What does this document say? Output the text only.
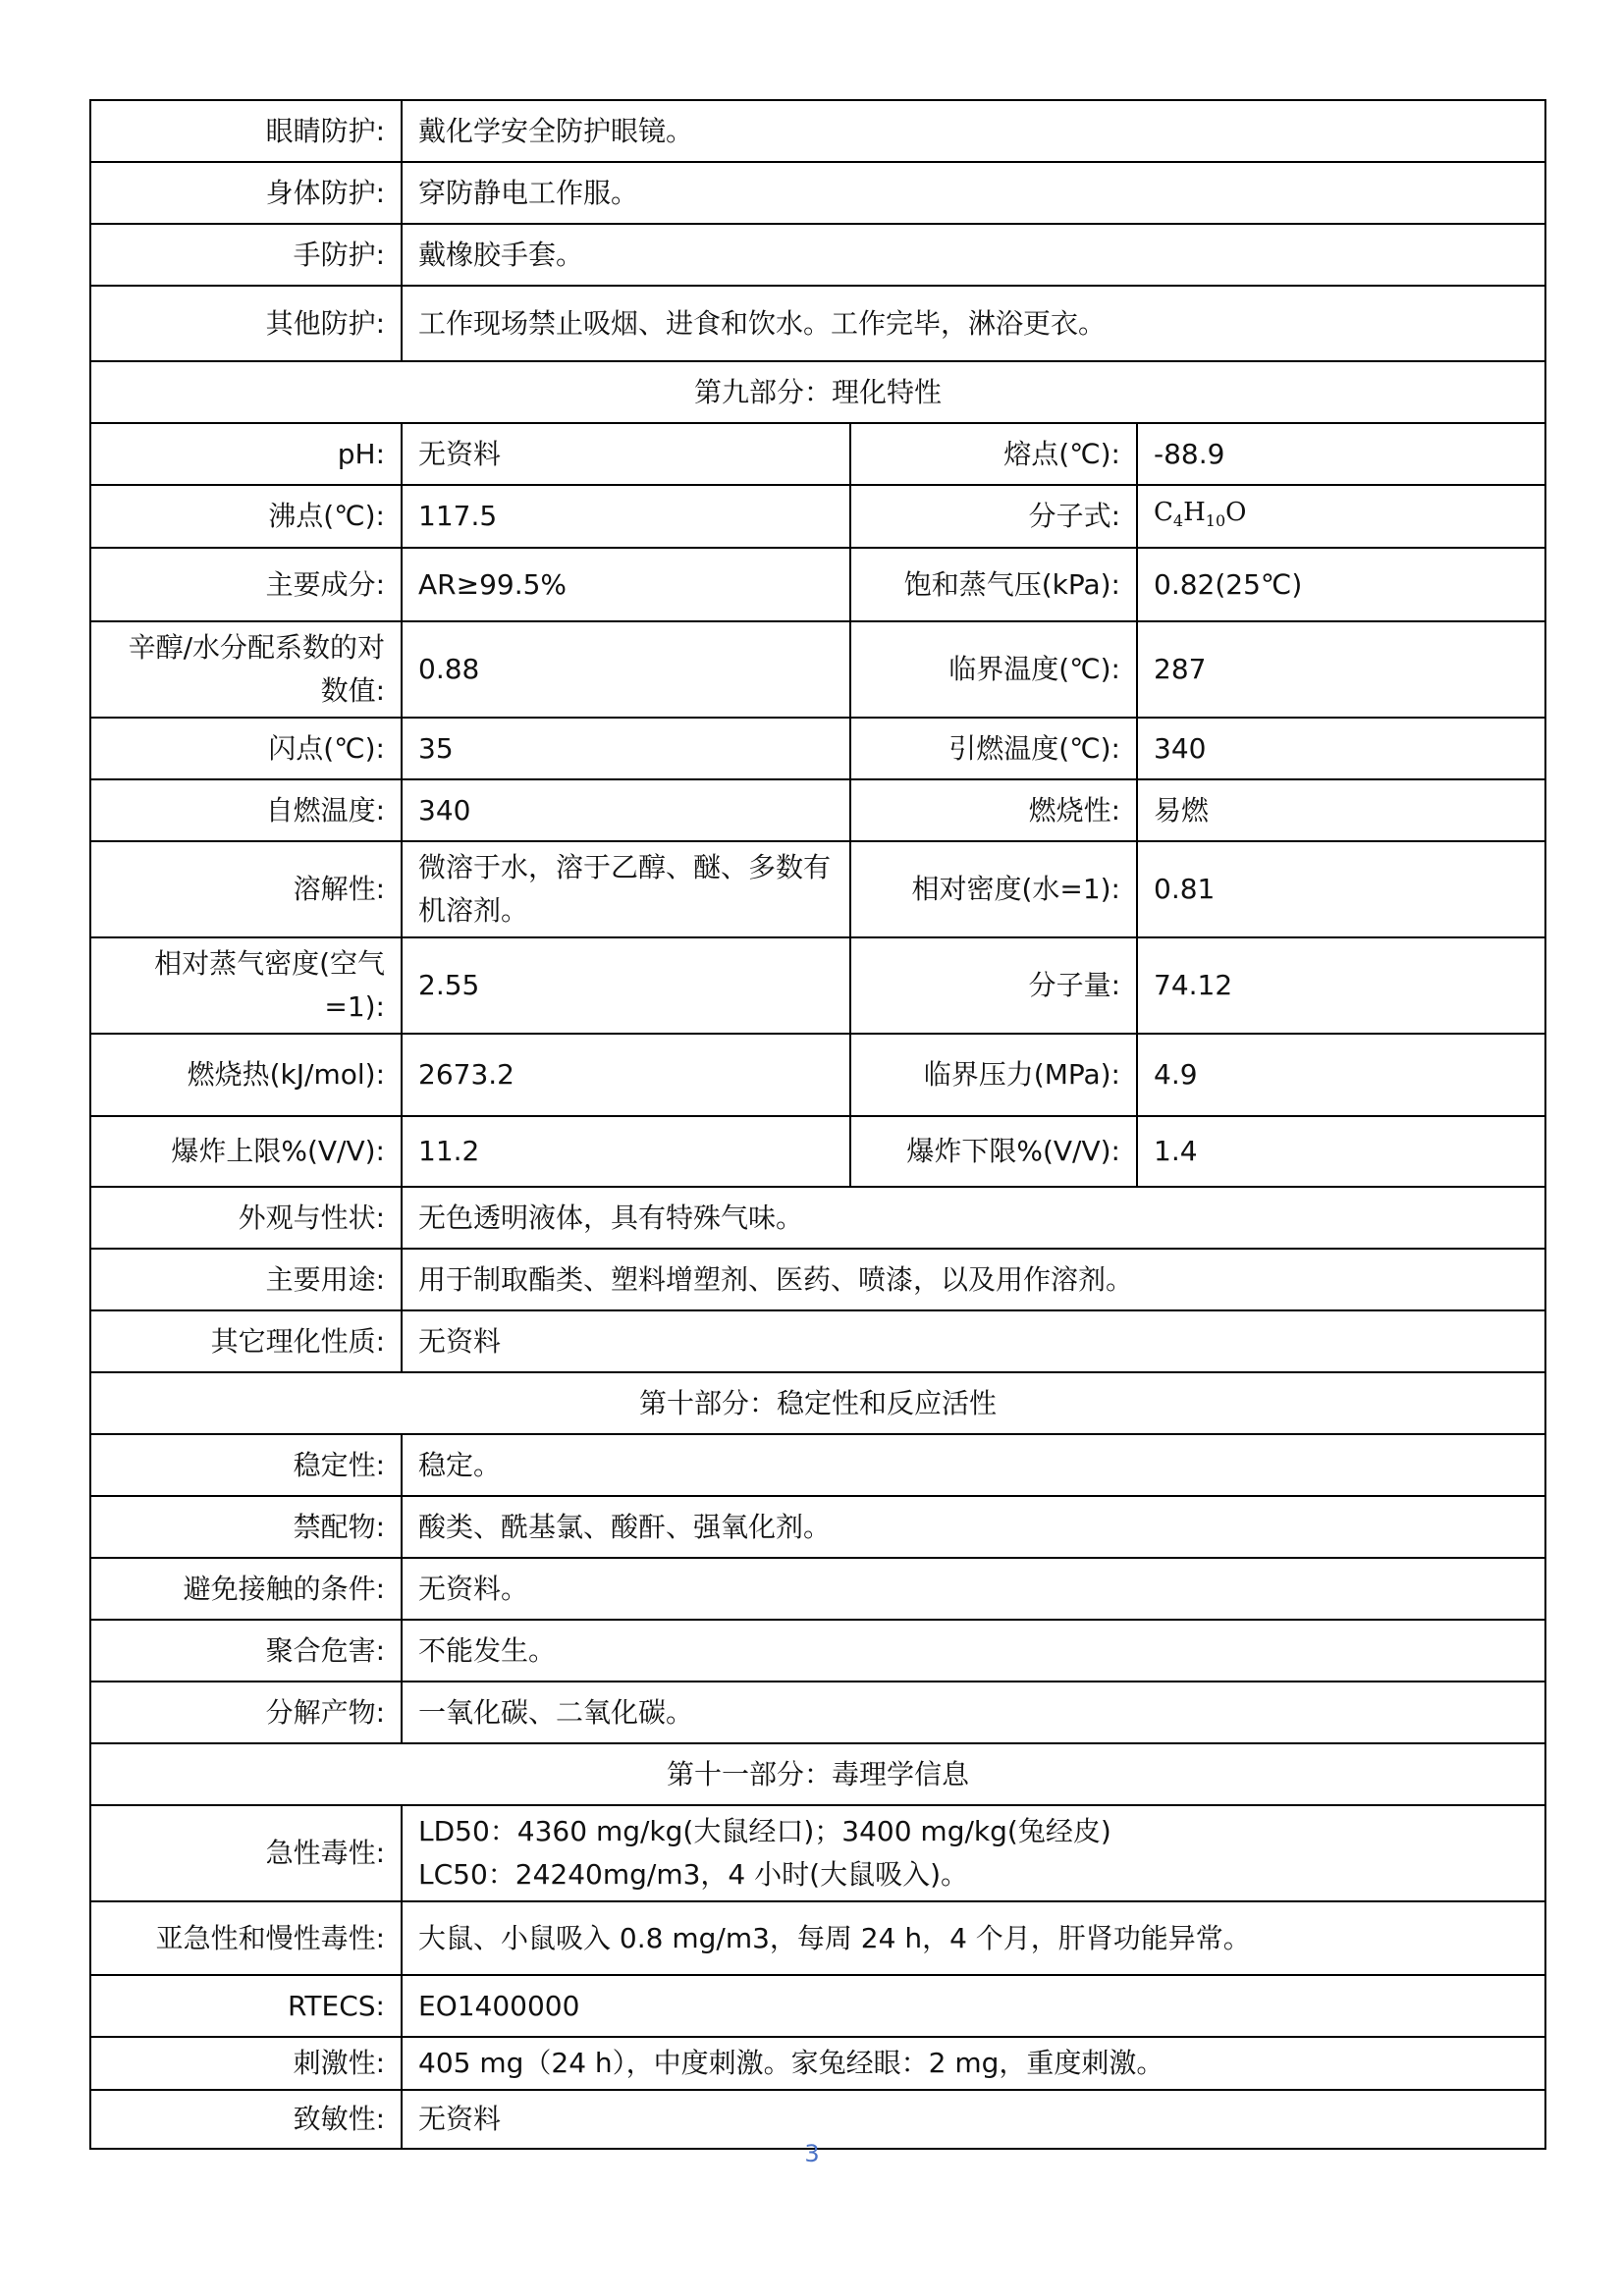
眼睛防护:	戴化学安全防护眼镜。		
身体防护:	穿防静电工作服。		
手防护:	戴橡胶手套。		
其他防护:	工作现场禁止吸烟、进食和饮水。工作完毕，淋浴更衣。		
第九部分：理化特性			
pH:	无资料	熔点(℃):	-88.9
沸点(℃):	117.5	分子式:	$C_4H_{10}O$
主要成分:	AR≥99.5%	饱和蒸气压(kPa):	0.82(25℃)
辛醇/水分配系数的对数值:	0.88	临界温度(℃):	287
闪点(℃):	35	引燃温度(℃):	340
自燃温度:	340	燃烧性:	易燃
溶解性:	微溶于水，溶于乙醇、醚、多数有机溶剂。	相对密度(水=1):	0.81
相对蒸气密度(空气=1):	2.55	分子量:	74.12
燃烧热(kJ/mol):	2673.2	临界压力(MPa):	4.9
爆炸上限%(V/V):	11.2	爆炸下限%(V/V):	1.4
外观与性状:	无色透明液体，具有特殊气味。		
主要用途:	用于制取酯类、塑料增塑剂、医药、喷漆，以及用作溶剂。		
其它理化性质:	无资料		
第十部分：稳定性和反应活性			
稳定性:	稳定。		
禁配物:	酸类、酰基氯、酸酐、强氧化剂。		
避免接触的条件:	无资料。		
聚合危害:	不能发生。		
分解产物:	一氧化碳、二氧化碳。		
第十一部分：毒理学信息			
急性毒性:	LD50：4360 mg/kg(大鼠经口)；3400 mg/kg(兔经皮)
LC50：24240mg/m3，4 小时(大鼠吸入)。		

亚急性和慢性毒性:	大鼠、小鼠吸入 0.8 mg/m3，每周 24 h，4 个月，肝肾功能异常。		
RTECS:	EO1400000		
刺激性:	405 mg（24 h），中度刺激。家兔经眼：2 mg，重度刺激。		
致敏性:	无资料		
3
